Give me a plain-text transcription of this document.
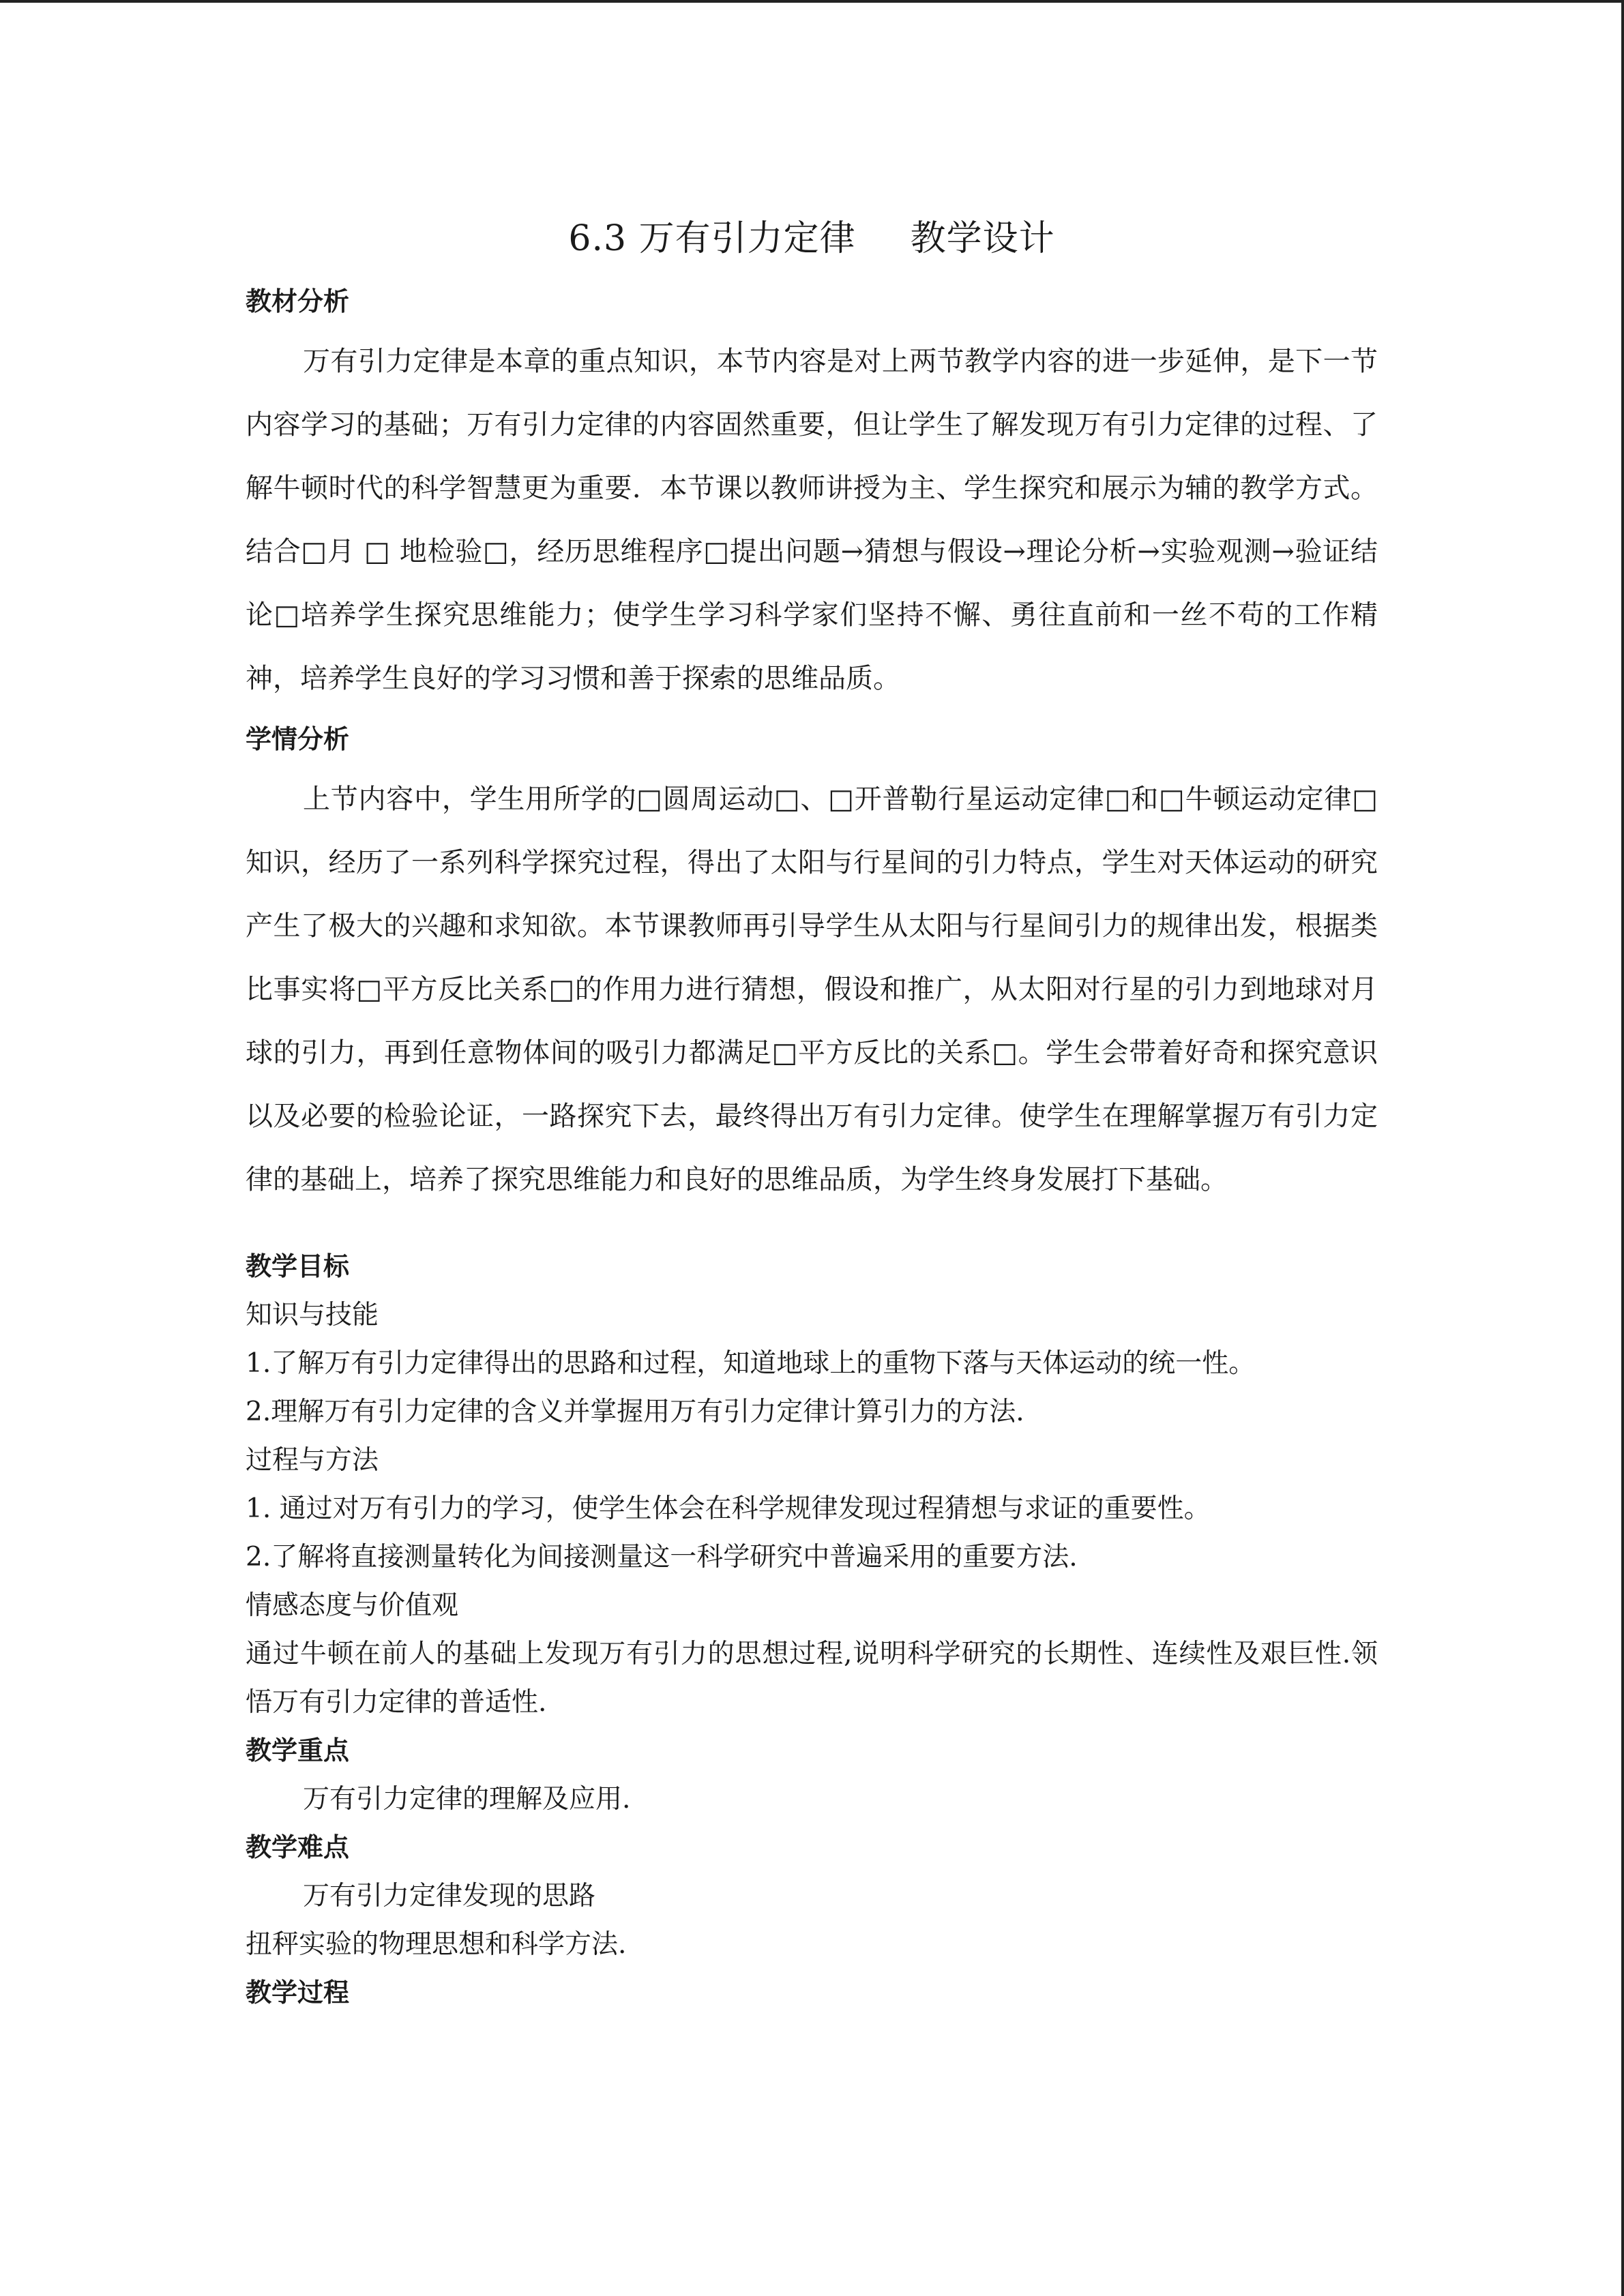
6.3 万有引力定律 教学设计
教材分析

万有引力定律是本章的重点知识，本节内容是对上两节教学内容的进一步延伸，是下一节内容学习的基础；万有引力定律的内容固然重要，但让学生了解发现万有引力定律的过程、了解牛顿时代的科学智慧更为重要．本节课以教师讲授为主、学生探究和展示为辅的教学方式。结合□月 □ 地检验□，经历思维程序□提出问题→猜想与假设→理论分析→实验观测→验证结论□培养学生探究思维能力；使学生学习科学家们坚持不懈、勇往直前和一丝不苟的工作精神，培养学生良好的学习习惯和善于探索的思维品质。

学情分析

上节内容中，学生用所学的□圆周运动□、□开普勒行星运动定律□和□牛顿运动定律□知识，经历了一系列科学探究过程，得出了太阳与行星间的引力特点，学生对天体运动的研究产生了极大的兴趣和求知欲。本节课教师再引导学生从太阳与行星间引力的规律出发，根据类比事实将□平方反比关系□的作用力进行猜想，假设和推广，从太阳对行星的引力到地球对月球的引力，再到任意物体间的吸引力都满足□平方反比的关系□。学生会带着好奇和探究意识以及必要的检验论证，一路探究下去，最终得出万有引力定律。使学生在理解掌握万有引力定律的基础上，培养了探究思维能力和良好的思维品质，为学生终身发展打下基础。

教学目标

知识与技能

1.了解万有引力定律得出的思路和过程，知道地球上的重物下落与天体运动的统一性。

2.理解万有引力定律的含义并掌握用万有引力定律计算引力的方法.

过程与方法

1. 通过对万有引力的学习，使学生体会在科学规律发现过程猜想与求证的重要性。

2.了解将直接测量转化为间接测量这一科学研究中普遍采用的重要方法.

情感态度与价值观

通过牛顿在前人的基础上发现万有引力的思想过程,说明科学研究的长期性、连续性及艰巨性.领悟万有引力定律的普适性.

教学重点

万有引力定律的理解及应用.

教学难点

万有引力定律发现的思路

扭秤实验的物理思想和科学方法.

教学过程
